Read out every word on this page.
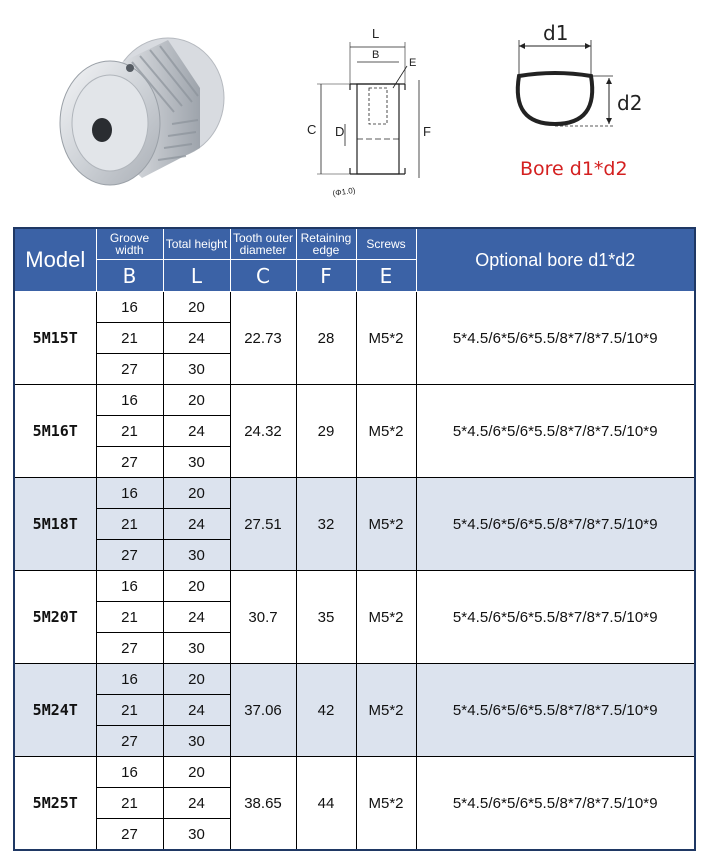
L
B
E
C D	F
(Φ1.0)
d1
d2
Bore d1*d2
Model	Groove width	Total height	Tooth outer diameter	Retaining edge	Screws	Optional bore d1*d2
	B	L	C	F	E	
5M15T	16	20	22.73	28	M5*2	5*4.5/6*5/6*5.5/8*7/8*7.5/10*9
	21	24				
	27	30				
5M16T	16	20	24.32	29	M5*2	5*4.5/6*5/6*5.5/8*7/8*7.5/10*9
	21	24				
	27	30				
5M18T	16	20	27.51	32	M5*2	5*4.5/6*5/6*5.5/8*7/8*7.5/10*9
	21	24				
	27	30				
5M20T	16	20	30.7	35	M5*2	5*4.5/6*5/6*5.5/8*7/8*7.5/10*9
	21	24				
	27	30				
5M24T	16	20	37.06	42	M5*2	5*4.5/6*5/6*5.5/8*7/8*7.5/10*9
	21	24				
	27	30				
5M25T	16	20	38.65	44	M5*2	5*4.5/6*5/6*5.5/8*7/8*7.5/10*9
	21	24				
	27	30				
